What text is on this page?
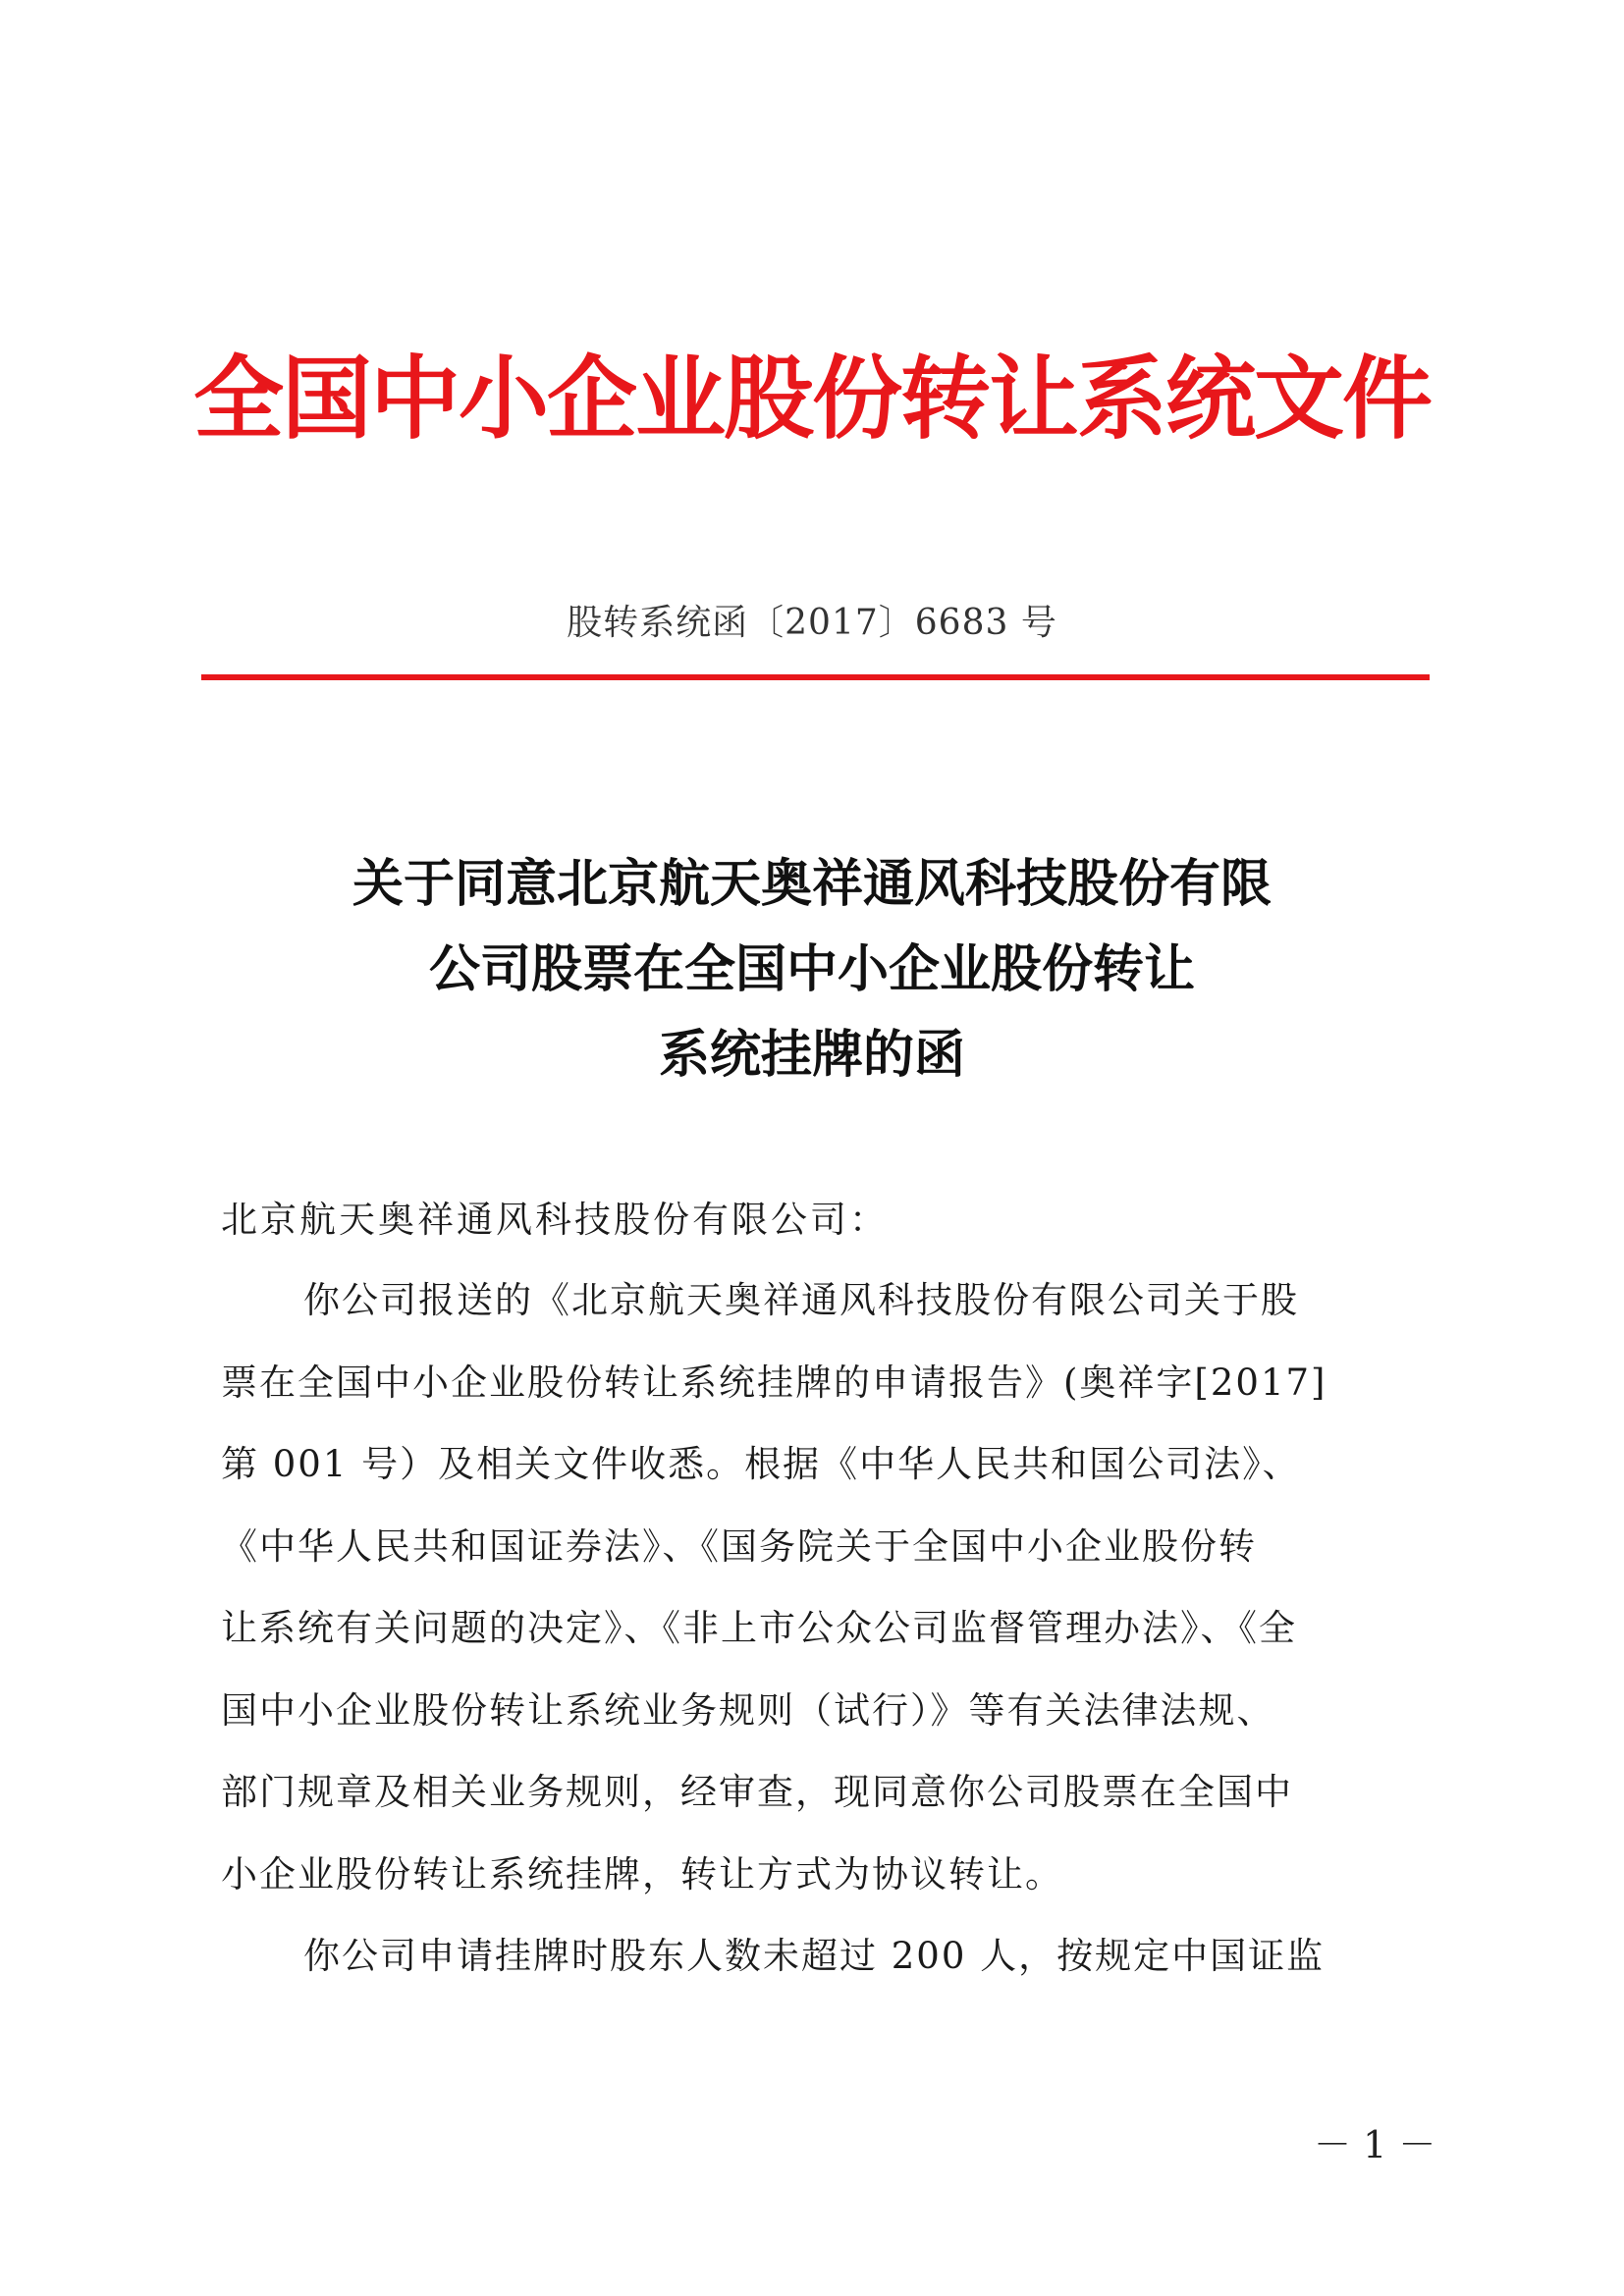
全国中小企业股份转让系统文件
股转系统函〔2017〕6683 号
关于同意北京航天奥祥通风科技股份有限
公司股票在全国中小企业股份转让
系统挂牌的函
北京航天奥祥通风科技股份有限公司：
你公司报送的《北京航天奥祥通风科技股份有限公司关于股
票在全国中小企业股份转让系统挂牌的申请报告》(奥祥字[2017]
第 001 号）及相关文件收悉。根据《中华人民共和国公司法》、
《中华人民共和国证券法》、《国务院关于全国中小企业股份转
让系统有关问题的决定》、《非上市公众公司监督管理办法》、《全
国中小企业股份转让系统业务规则（试行）》等有关法律法规、
部门规章及相关业务规则，经审查，现同意你公司股票在全国中
小企业股份转让系统挂牌，转让方式为协议转让。
你公司申请挂牌时股东人数未超过 200 人，按规定中国证监
－ 1 －
